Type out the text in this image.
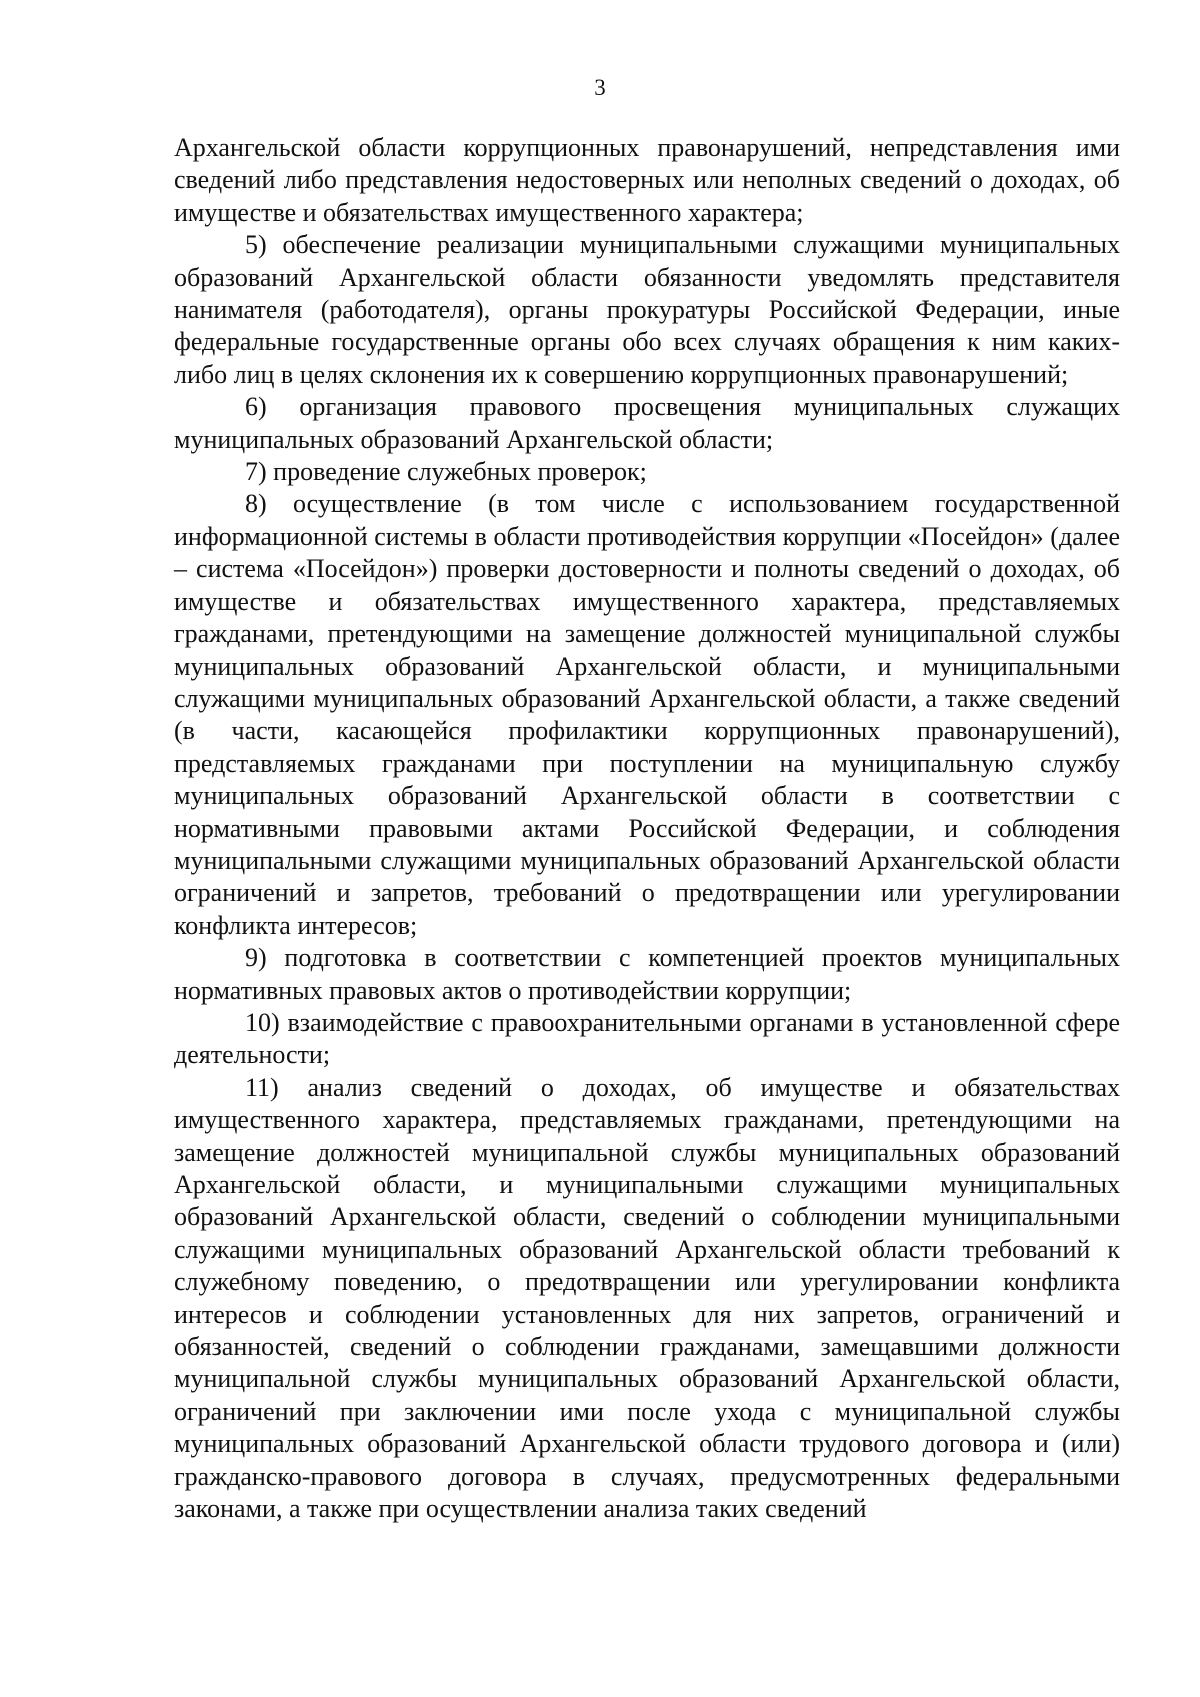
3

Архангельской области коррупционных правонарушений, непредставления ими сведений либо представления недостоверных или неполных сведений о доходах, об имуществе и обязательствах имущественного характера;

5) обеспечение реализации муниципальными служащими муниципальных образований Архангельской области обязанности уведомлять представителя нанимателя (работодателя), органы прокуратуры Российской Федерации, иные федеральные государственные органы обо всех случаях обращения к ним каких-либо лиц в целях склонения их к совершению коррупционных правонарушений;

6) организация правового просвещения муниципальных служащих муниципальных образований Архангельской области;

7) проведение служебных проверок;

8) осуществление (в том числе с использованием государственной информационной системы в области противодействия коррупции «Посейдон» (далее – система «Посейдон») проверки достоверности и полноты сведений о доходах, об имуществе и обязательствах имущественного характера, представляемых гражданами, претендующими на замещение должностей муниципальной службы муниципальных образований Архангельской области, и муниципальными служащими муниципальных образований Архангельской области, а также сведений (в части, касающейся профилактики коррупционных правонарушений), представляемых гражданами при поступлении на муниципальную службу муниципальных образований Архангельской области в соответствии с нормативными правовыми актами Российской Федерации, и соблюдения муниципальными служащими муниципальных образований Архангельской области ограничений и запретов, требований о предотвращении или урегулировании конфликта интересов;

9) подготовка в соответствии с компетенцией проектов муниципальных нормативных правовых актов о противодействии коррупции;

10) взаимодействие с правоохранительными органами в установленной сфере деятельности;

11) анализ сведений о доходах, об имуществе и обязательствах имущественного характера, представляемых гражданами, претендующими на замещение должностей муниципальной службы муниципальных образований Архангельской области, и муниципальными служащими муниципальных образований Архангельской области, сведений о соблюдении муниципальными служащими муниципальных образований Архангельской области требований к служебному поведению, о предотвращении или урегулировании конфликта интересов и соблюдении установленных для них запретов, ограничений и обязанностей, сведений о соблюдении гражданами, замещавшими должности муниципальной службы муниципальных образований Архангельской области, ограничений при заключении ими после ухода с муниципальной службы муниципальных образований Архангельской области трудового договора и (или) гражданско-правового договора в случаях, предусмотренных федеральными законами, а также при осуществлении анализа таких сведений
